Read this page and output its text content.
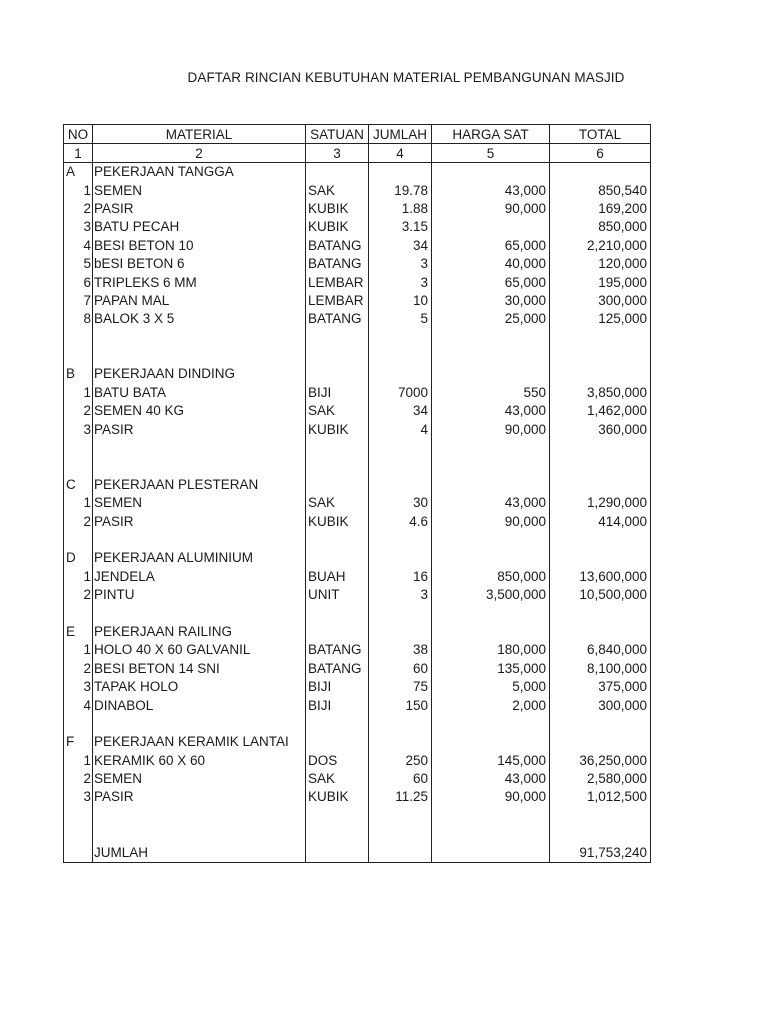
DAFTAR RINCIAN KEBUTUHAN MATERIAL PEMBANGUNAN MASJID
NO	MATERIAL	SATUAN	JUMLAH	HARGA SAT	TOTAL
1	2	3	4	5	6
A	PEKERJAAN TANGGA				
1	SEMEN	SAK	19.78	43,000	850,540
2	PASIR	KUBIK	1.88	90,000	169,200
3	BATU PECAH	KUBIK	3.15		850,000
4	BESI BETON 10	BATANG	34	65,000	2,210,000
5	bESI BETON 6	BATANG	3	40,000	120,000
6	TRIPLEKS 6 MM	LEMBAR	3	65,000	195,000
7	PAPAN MAL	LEMBAR	10	30,000	300,000
8	BALOK 3 X 5	BATANG	5	25,000	125,000

B	PEKERJAAN DINDING				
1	BATU BATA	BIJI	7000	550	3,850,000
2	SEMEN 40 KG	SAK	34	43,000	1,462,000
3	PASIR	KUBIK	4	90,000	360,000

C	PEKERJAAN PLESTERAN				
1	SEMEN	SAK	30	43,000	1,290,000
2	PASIR	KUBIK	4.6	90,000	414,000

D	PEKERJAAN ALUMINIUM				
1	JENDELA	BUAH	16	850,000	13,600,000
2	PINTU	UNIT	3	3,500,000	10,500,000

E	PEKERJAAN RAILING				
1	HOLO 40 X 60 GALVANIL	BATANG	38	180,000	6,840,000
2	BESI BETON 14 SNI	BATANG	60	135,000	8,100,000
3	TAPAK HOLO	BIJI	75	5,000	375,000
4	DINABOL	BIJI	150	2,000	300,000

F	PEKERJAAN KERAMIK LANTAI				
1	KERAMIK 60 X 60	DOS	250	145,000	36,250,000
2	SEMEN	SAK	60	43,000	2,580,000
3	PASIR	KUBIK	11.25	90,000	1,012,500

	JUMLAH				91,753,240
